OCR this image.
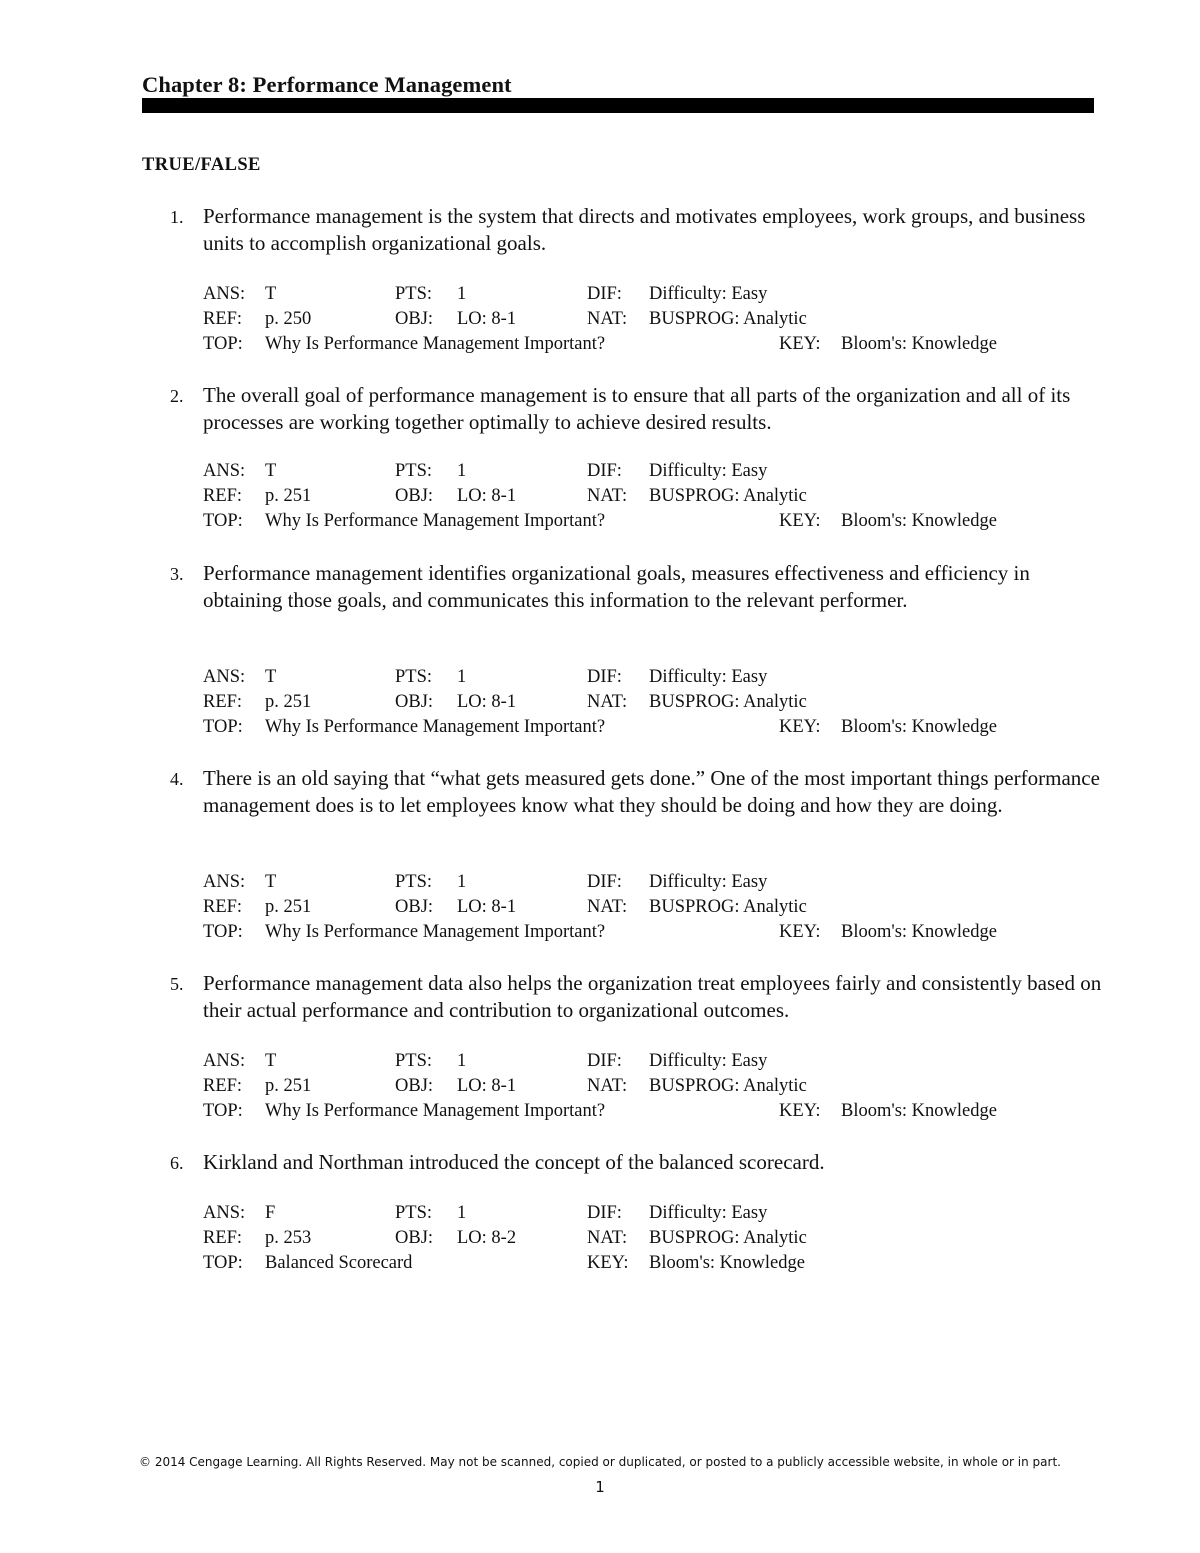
Chapter 8: Performance Management
TRUE/FALSE
1. Performance management is the system that directs and motivates employees, work groups, and business units to accomplish organizational goals.
ANS: T	PTS: 1	DIF: Difficulty: Easy
REF: p. 250	OBJ: LO: 8-1	NAT: BUSPROG: Analytic
TOP: Why Is Performance Management Important?	KEY: Bloom's: Knowledge
2. The overall goal of performance management is to ensure that all parts of the organization and all of its processes are working together optimally to achieve desired results.
ANS: T	PTS: 1	DIF: Difficulty: Easy
REF: p. 251	OBJ: LO: 8-1	NAT: BUSPROG: Analytic
TOP: Why Is Performance Management Important?	KEY: Bloom's: Knowledge
3. Performance management identifies organizational goals, measures effectiveness and efficiency in obtaining those goals, and communicates this information to the relevant performer.
ANS: T	PTS: 1	DIF: Difficulty: Easy
REF: p. 251	OBJ: LO: 8-1	NAT: BUSPROG: Analytic
TOP: Why Is Performance Management Important?	KEY: Bloom's: Knowledge
4. There is an old saying that “what gets measured gets done.” One of the most important things performance management does is to let employees know what they should be doing and how they are doing.
ANS: T	PTS: 1	DIF: Difficulty: Easy
REF: p. 251	OBJ: LO: 8-1	NAT: BUSPROG: Analytic
TOP: Why Is Performance Management Important?	KEY: Bloom's: Knowledge
5. Performance management data also helps the organization treat employees fairly and consistently based on their actual performance and contribution to organizational outcomes.
ANS: T	PTS: 1	DIF: Difficulty: Easy
REF: p. 251	OBJ: LO: 8-1	NAT: BUSPROG: Analytic
TOP: Why Is Performance Management Important?	KEY: Bloom's: Knowledge
6. Kirkland and Northman introduced the concept of the balanced scorecard.
ANS: F	PTS: 1	DIF: Difficulty: Easy
REF: p. 253	OBJ: LO: 8-2	NAT: BUSPROG: Analytic
TOP: Balanced Scorecard	KEY: Bloom's: Knowledge
© 2014 Cengage Learning. All Rights Reserved. May not be scanned, copied or duplicated, or posted to a publicly accessible website, in whole or in part.
1
